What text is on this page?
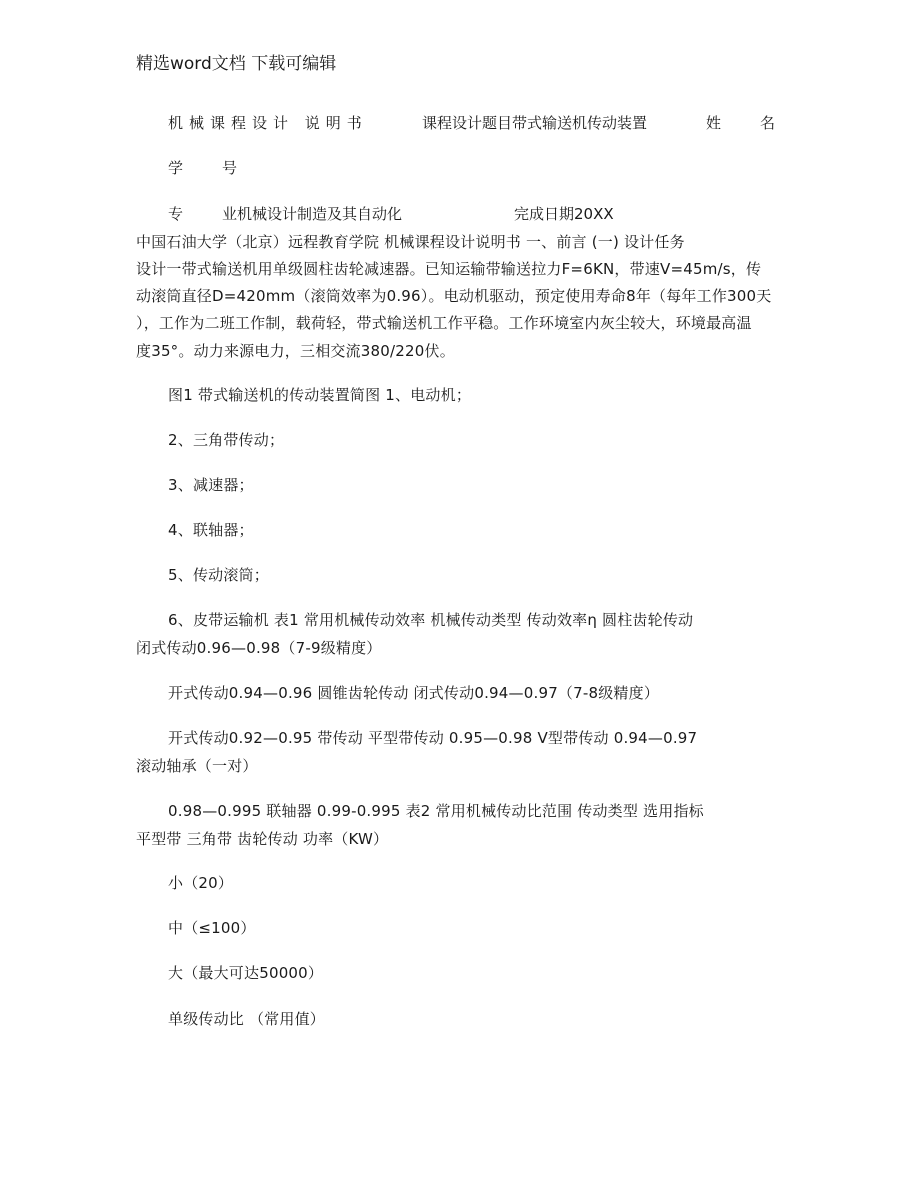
精选word文档 下载可编辑
机械课程设计 说明书	课程设计题目带式输送机传动装置	姓	名
学	号
专	业机械设计制造及其自动化	完成日期20XX
中国石油大学（北京）远程教育学院 机械课程设计说明书 一、前言 (一) 设计任务
设计一带式输送机用单级圆柱齿轮减速器。已知运输带输送拉力F=6KN，带速V=45m/s，传
动滚筒直径D=420mm（滚筒效率为0.96）。电动机驱动，预定使用寿命8年（每年工作300天
），工作为二班工作制，载荷轻，带式输送机工作平稳。工作环境室内灰尘较大，环境最高温
度35°。动力来源电力，三相交流380/220伏。
图1 带式输送机的传动装置简图 1、电动机；
2、三角带传动；
3、减速器；
4、联轴器；
5、传动滚筒；
6、皮带运输机 表1 常用机械传动效率 机械传动类型 传动效率η 圆柱齿轮传动
闭式传动0.96—0.98（7-9级精度）
开式传动0.94—0.96 圆锥齿轮传动 闭式传动0.94—0.97（7-8级精度）
开式传动0.92—0.95 带传动 平型带传动 0.95—0.98 V型带传动 0.94—0.97
滚动轴承（一对）
0.98—0.995 联轴器 0.99-0.995 表2 常用机械传动比范围 传动类型 选用指标
平型带 三角带 齿轮传动 功率（KW）
小（20）
中（≤100）
大（最大可达50000）
单级传动比 （常用值）
